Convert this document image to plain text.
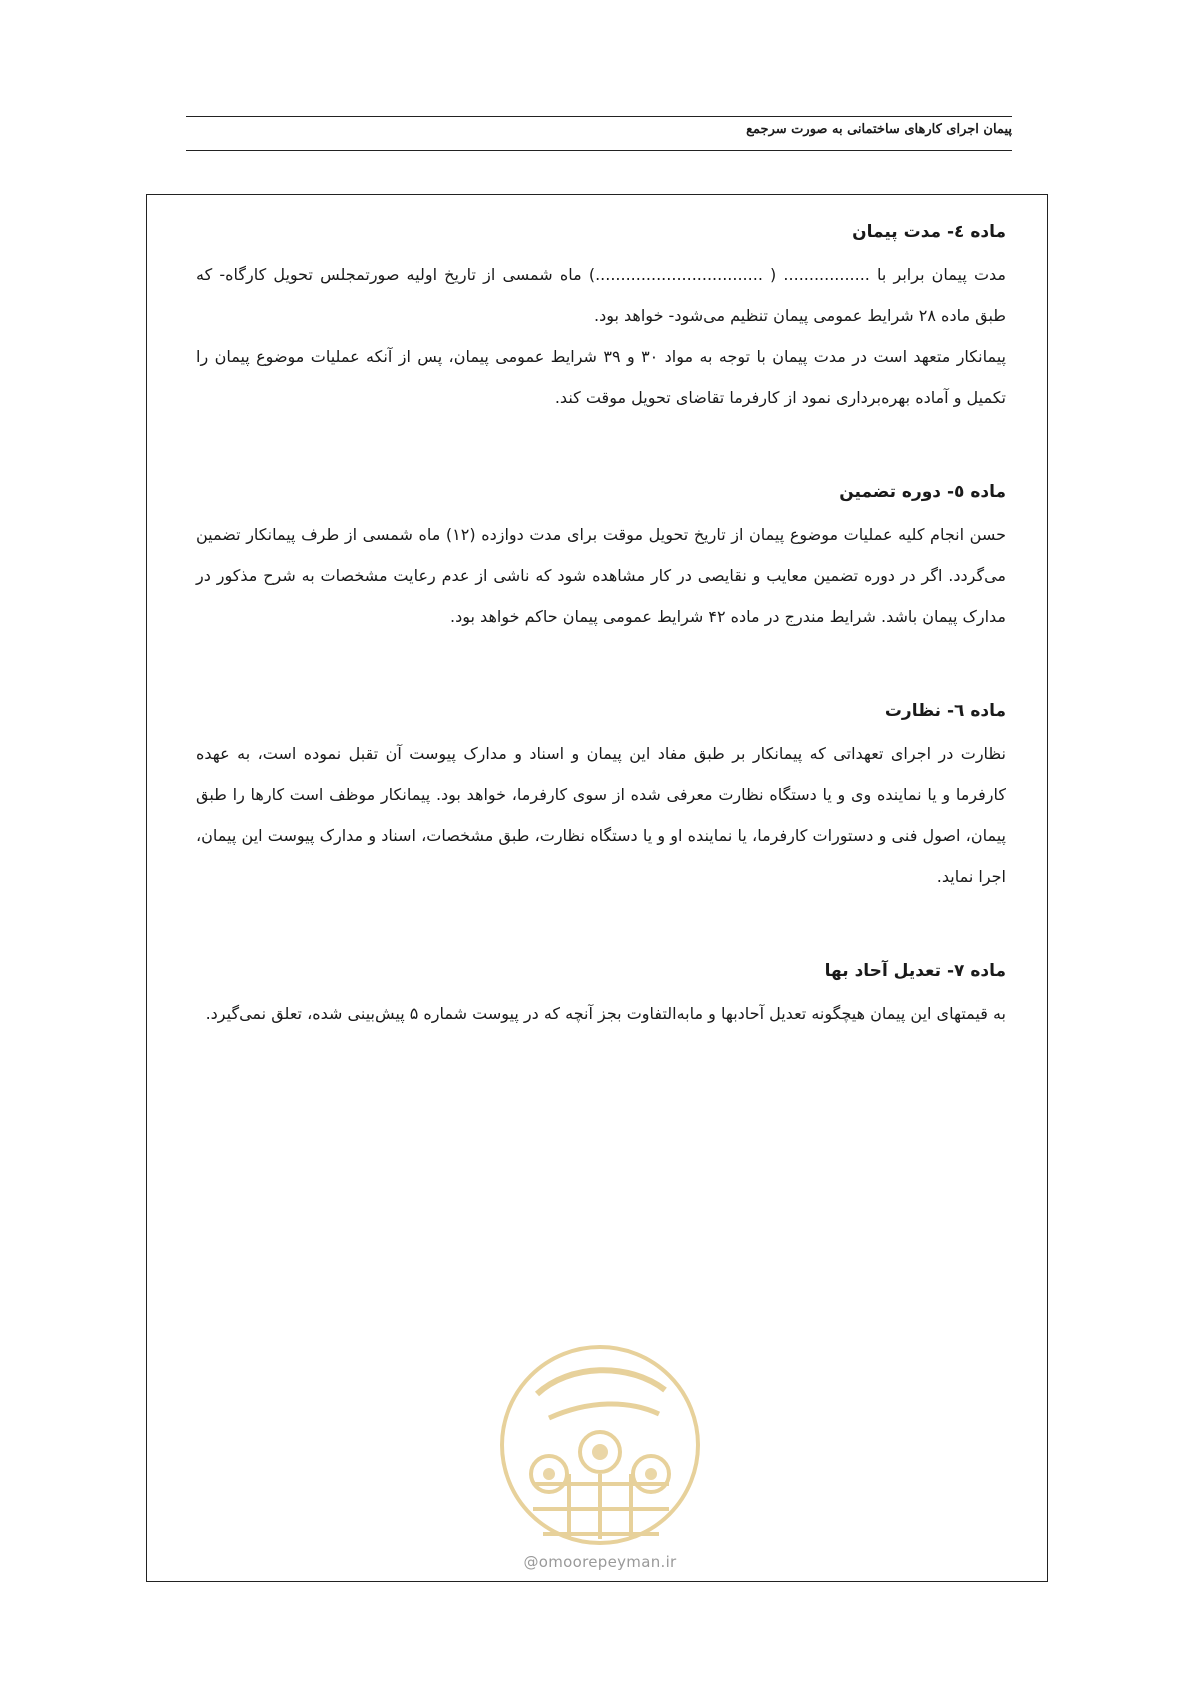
پیمان اجرای کارهای ساختمانی به صورت سرجمع

ماده ٤- مدت پیمان

مدت پیمان برابر با ................. ( .................................) ماه شمسی از تاریخ اولیه صورتمجلس تحویل کارگاه- که طبق ماده ۲۸ شرایط عمومی پیمان تنظیم می‌شود- خواهد بود.

پیمانکار متعهد است در مدت پیمان با توجه به مواد ۳۰ و ۳۹ شرایط عمومی پیمان، پس از آنکه عملیات موضوع پیمان را تکمیل و آماده بهره‌برداری نمود از کارفرما تقاضای تحویل موقت کند.

ماده ٥- دوره تضمین

حسن انجام کلیه عملیات موضوع پیمان از تاریخ تحویل موقت برای مدت دوازده (۱۲) ماه شمسی از طرف پیمانکار تضمین می‌گردد. اگر در دوره تضمین معایب و نقایصی در کار مشاهده شود که ناشی از عدم رعایت مشخصات به شرح مذکور در مدارک پیمان باشد. شرایط مندرج در ماده ۴۲ شرایط عمومی پیمان حاکم خواهد بود.

ماده ٦- نظارت

نظارت در اجرای تعهداتی که پیمانکار بر طبق مفاد این پیمان و اسناد و مدارک پیوست آن تقبل نموده است، به عهده کارفرما و یا نماینده وی و یا دستگاه نظارت معرفی شده از سوی کارفرما، خواهد بود. پیمانکار موظف است کارها را طبق پیمان، اصول فنی و دستورات کارفرما، یا نماینده او و یا دستگاه نظارت، طبق مشخصات، اسناد و مدارک پیوست این پیمان، اجرا نماید.

ماده ۷- تعدیل آحاد بها

به قیمتهای این پیمان هیچگونه تعدیل آحادبها و مابه‌التفاوت بجز آنچه که در پیوست شماره ۵ پیش‌بینی شده، تعلق نمی‌گیرد.

@omoorepeyman.ir
